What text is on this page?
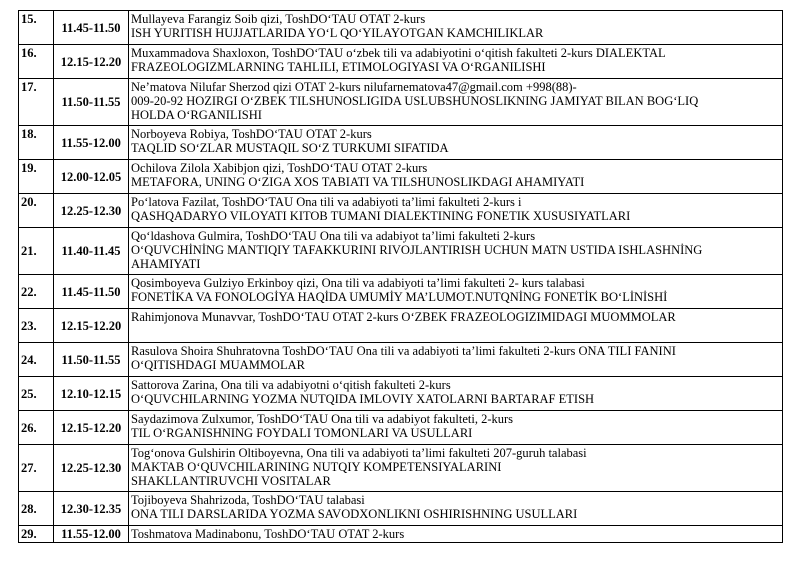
15.	11.45-11.50	Mullayeva Farangiz Soib qizi, ToshDO‘TAU OTAT 2-kurs
ISH YURITISH HUJJATLARIDA YO‘L QO‘YILAYOTGAN KAMCHILIKLAR

16.	12.15-12.20	Muxammadova Shaxloxon, ToshDO‘TAU o‘zbek tili va adabiyotini o‘qitish fakulteti 2-kurs DIALEKTAL
FRAZEOLOGIZMLARNING TAHLILI, ETIMOLOGIYASI VA O‘RGANILISHI

17.	11.50-11.55	Ne’matova Nilufar Sherzod qizi OTAT 2-kurs nilufarnematova47@gmail.com +998(88)-
009-20-92 HOZIRGI O‘ZBEK TILSHUNOSLIGIDA USLUBSHUNOSLIKNING JAMIYAT BILAN BOG‘LIQ
HOLDA O‘RGANILISHI

18.	11.55-12.00	Norboyeva Robiya, ToshDO‘TAU OTAT 2-kurs
TAQLID SO‘ZLAR MUSTAQIL SO‘Z TURKUMI SIFATIDA

19.	12.00-12.05	Ochilova Zilola Xabibjon qizi, ToshDO‘TAU OTAT 2-kurs
METAFORA, UNING O‘ZIGA XOS TABIATI VA TILSHUNOSLIKDAGI AHAMIYATI

20.	12.25-12.30	Po‘latova Fazilat, ToshDO‘TAU Ona tili va adabiyoti ta’limi fakulteti 2-kurs i
QASHQADARYO VILOYATI KITOB TUMANI DIALEKTINING FONETIK XUSUSIYATLARI

21.	11.40-11.45	Qo‘ldashova Gulmira, ToshDO‘TAU Ona tili va adabiyot ta’limi fakulteti 2-kurs
O‘QUVCHİNİNG MANTIQIY TAFAKKURINI RIVOJLANTIRISH UCHUN MATN USTIDA ISHLASHNİNG
AHAMIYATI

22.	11.45-11.50	Qosimboyeva Gulziyo Erkinboy qizi, Ona tili va adabiyoti ta’limi fakulteti 2- kurs talabasi
FONETİKA VA FONOLOGİYA HAQİDA UMUMİY MA’LUMOT.NUTQNİNG FONETİK BO‘LİNİSHİ

23.	12.15-12.20	Rahimjonova Munavvar, ToshDO‘TAU OTAT 2-kurs O‘ZBEK FRAZEOLOGIZIMIDAGI MUOMMOLAR

24.	11.50-11.55	Rasulova Shoira Shuhratovna ToshDO‘TAU Ona tili va adabiyoti ta’limi fakulteti 2-kurs ONA TILI FANINI
O‘QITISHDAGI MUAMMOLAR

25.	12.10-12.15	Sattorova Zarina, Ona tili va adabiyotni o‘qitish fakulteti 2-kurs
O‘QUVCHILARNING YOZMA NUTQIDA IMLOVIY XATOLARNI BARTARAF ETISH

26.	12.15-12.20	Saydazimova Zulxumor, ToshDO‘TAU Ona tili va adabiyot fakulteti, 2-kurs
TIL O‘RGANISHNING FOYDALI TOMONLARI VA USULLARI

27.	12.25-12.30	Tog‘onova Gulshirin Oltiboyevna, Ona tili va adabiyoti ta’limi fakulteti 207-guruh talabasi
MAKTAB O‘QUVCHILARINING NUTQIY KOMPETENSIYALARINI
SHAKLLANTIRUVCHI VOSITALAR

28.	12.30-12.35	Tojiboyeva Shahrizoda, ToshDO‘TAU talabasi
ONA TILI DARSLARIDA YOZMA SAVODXONLIKNI OSHIRISHNING USULLARI

29.	11.55-12.00	Toshmatova Madinabonu, ToshDO‘TAU OTAT 2-kurs
